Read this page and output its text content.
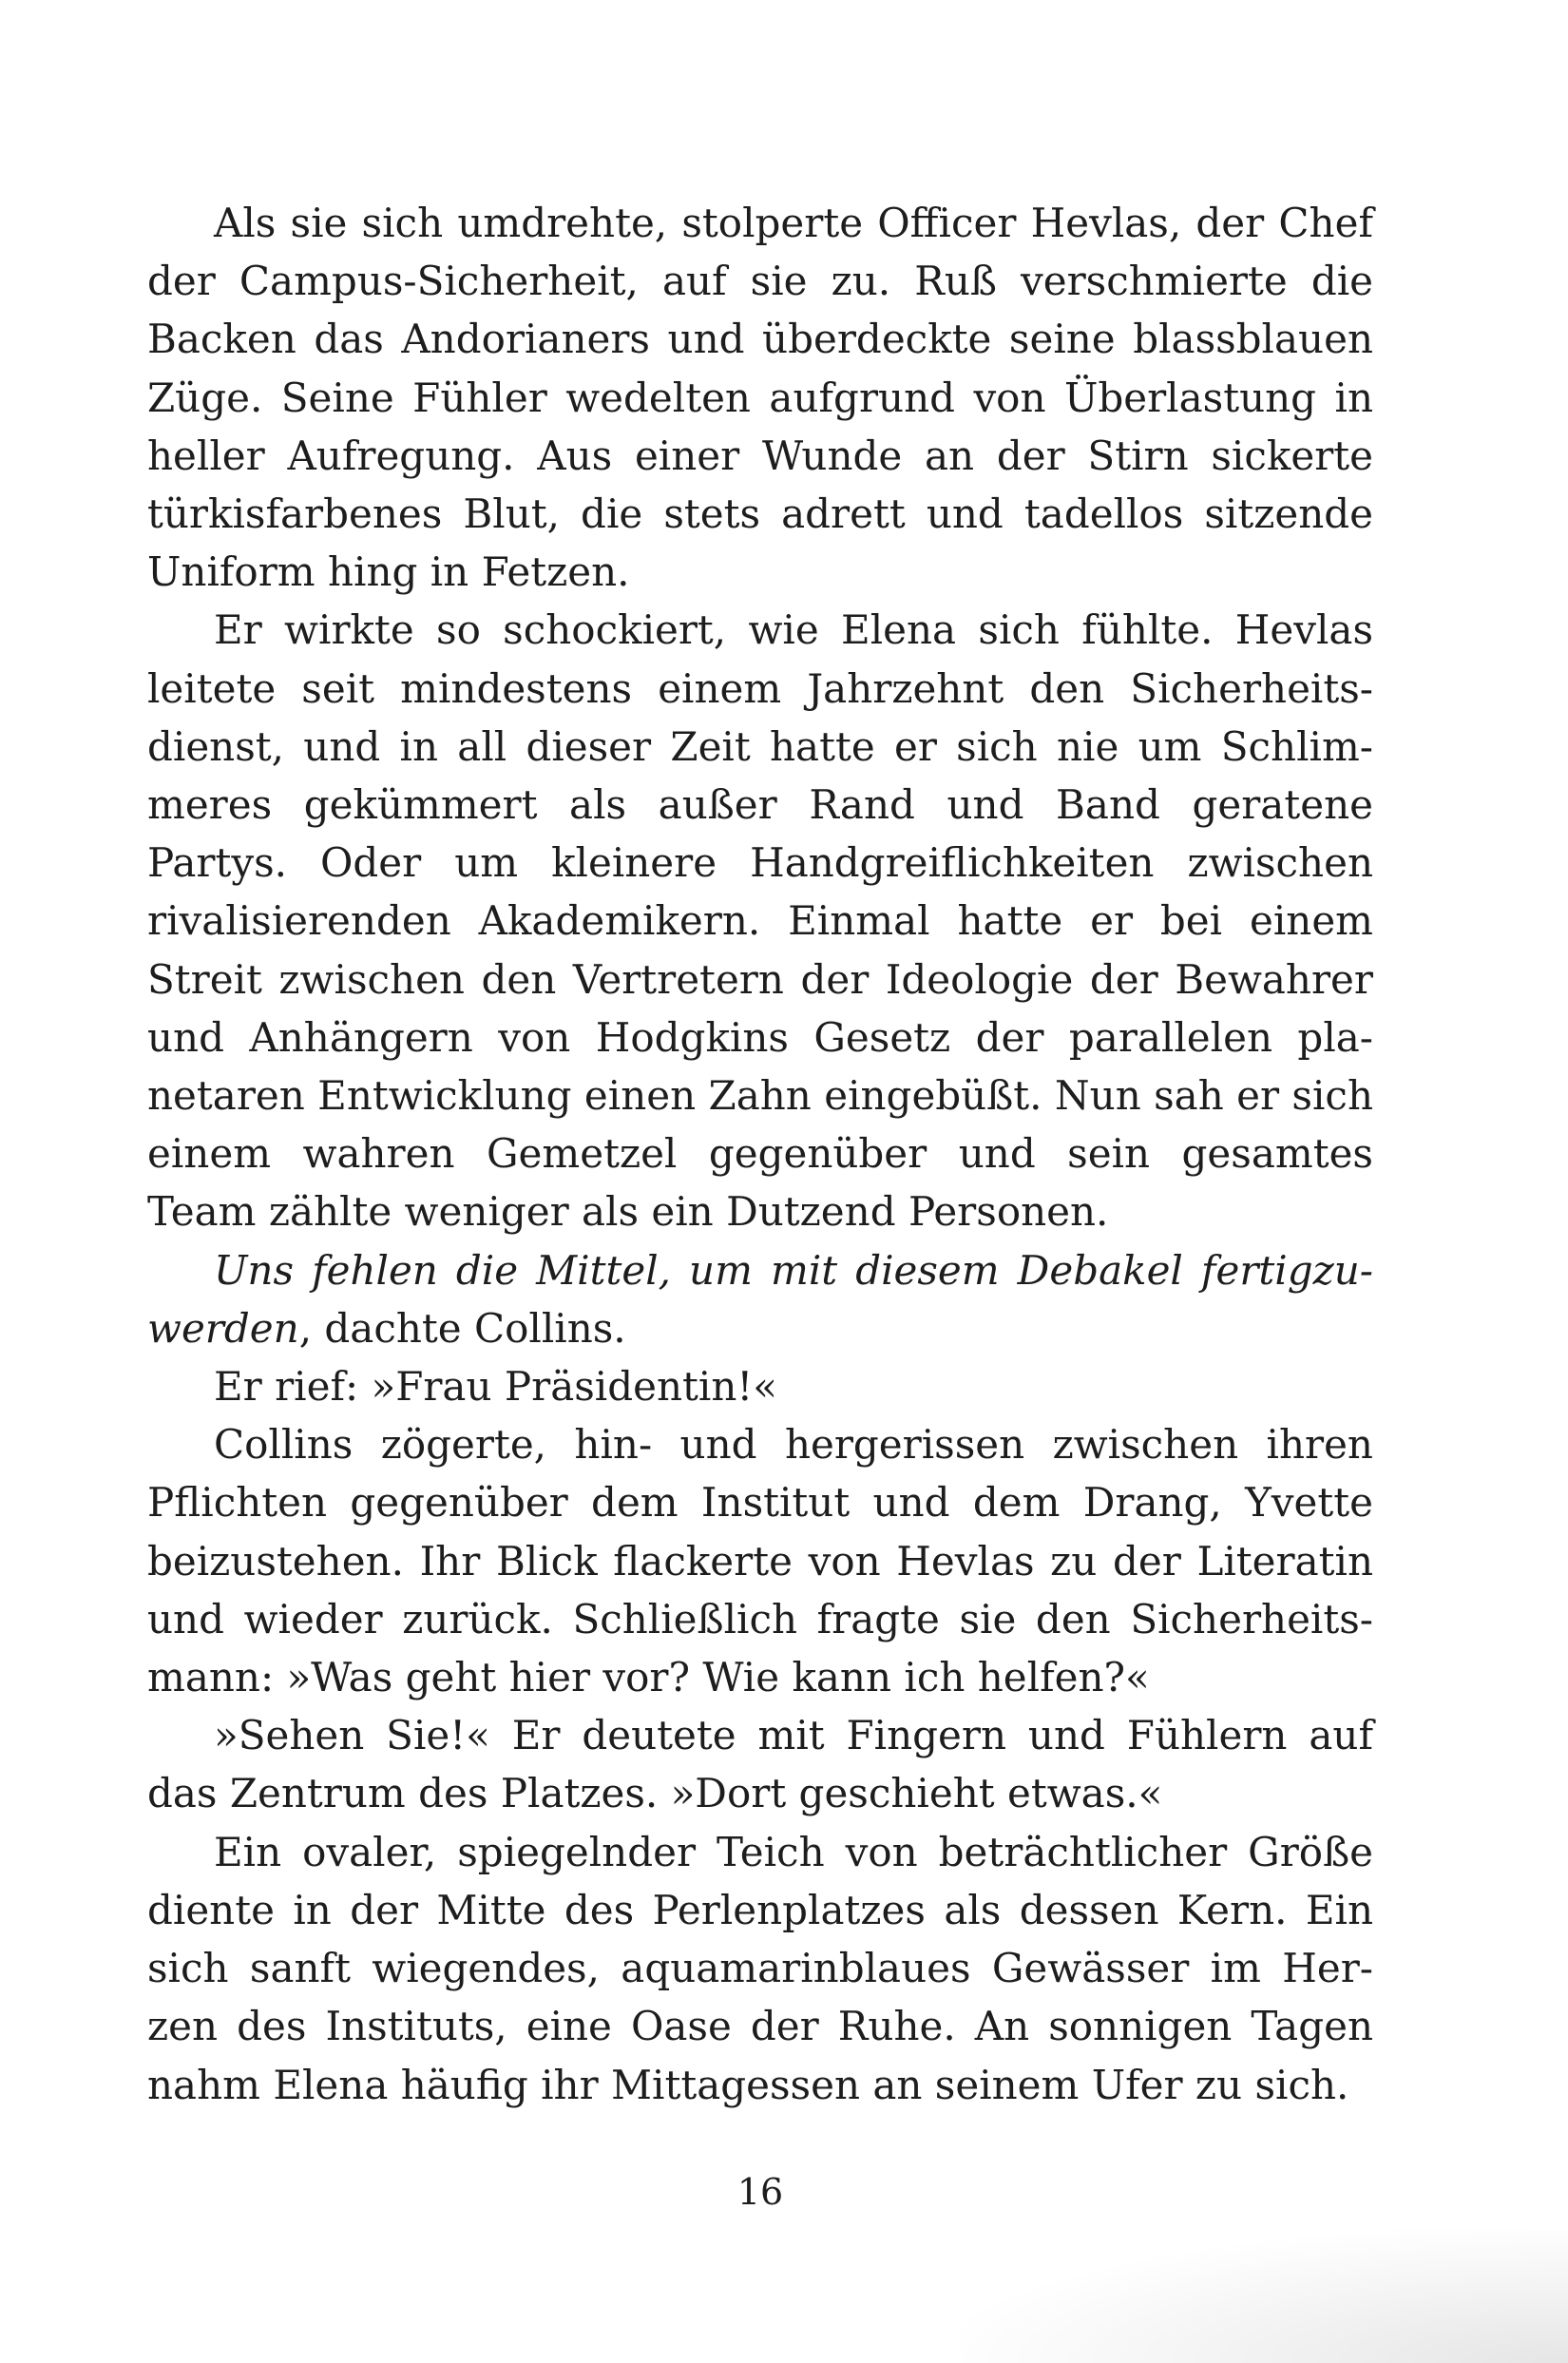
Als sie sich umdrehte, stolperte Officer Hevlas, der Chef der Campus-Sicherheit, auf sie zu. Ruß verschmierte die Backen das Andorianers und überdeckte seine blassblauen Züge. Seine Fühler wedelten aufgrund von Überlastung in heller Aufregung. Aus einer Wunde an der Stirn sickerte türkisfarbenes Blut, die stets adrett und tadellos sitzende Uniform hing in Fetzen.

Er wirkte so schockiert, wie Elena sich fühlte. Hevlas leitete seit mindestens einem Jahrzehnt den Sicherheitsdienst, und in all dieser Zeit hatte er sich nie um Schlimmeres gekümmert als außer Rand und Band geratene Partys. Oder um kleinere Handgreiflichkeiten zwischen rivalisierenden Akademikern. Einmal hatte er bei einem Streit zwischen den Vertretern der Ideologie der Bewahrer und Anhängern von Hodgkins Gesetz der parallelen planetaren Entwicklung einen Zahn eingebüßt. Nun sah er sich einem wahren Gemetzel gegenüber und sein gesamtes Team zählte weniger als ein Dutzend Personen.

Uns fehlen die Mittel, um mit diesem Debakel fertigzuwerden, dachte Collins.

Er rief: »Frau Präsidentin!«

Collins zögerte, hin- und hergerissen zwischen ihren Pflichten gegenüber dem Institut und dem Drang, Yvette beizustehen. Ihr Blick flackerte von Hevlas zu der Literatin und wieder zurück. Schließlich fragte sie den Sicherheitsmann: »Was geht hier vor? Wie kann ich helfen?«

»Sehen Sie!« Er deutete mit Fingern und Fühlern auf das Zentrum des Platzes. »Dort geschieht etwas.«

Ein ovaler, spiegelnder Teich von beträchtlicher Größe diente in der Mitte des Perlenplatzes als dessen Kern. Ein sich sanft wiegendes, aquamarinblaues Gewässer im Herzen des Instituts, eine Oase der Ruhe. An sonnigen Tagen nahm Elena häufig ihr Mittagessen an seinem Ufer zu sich.

16
